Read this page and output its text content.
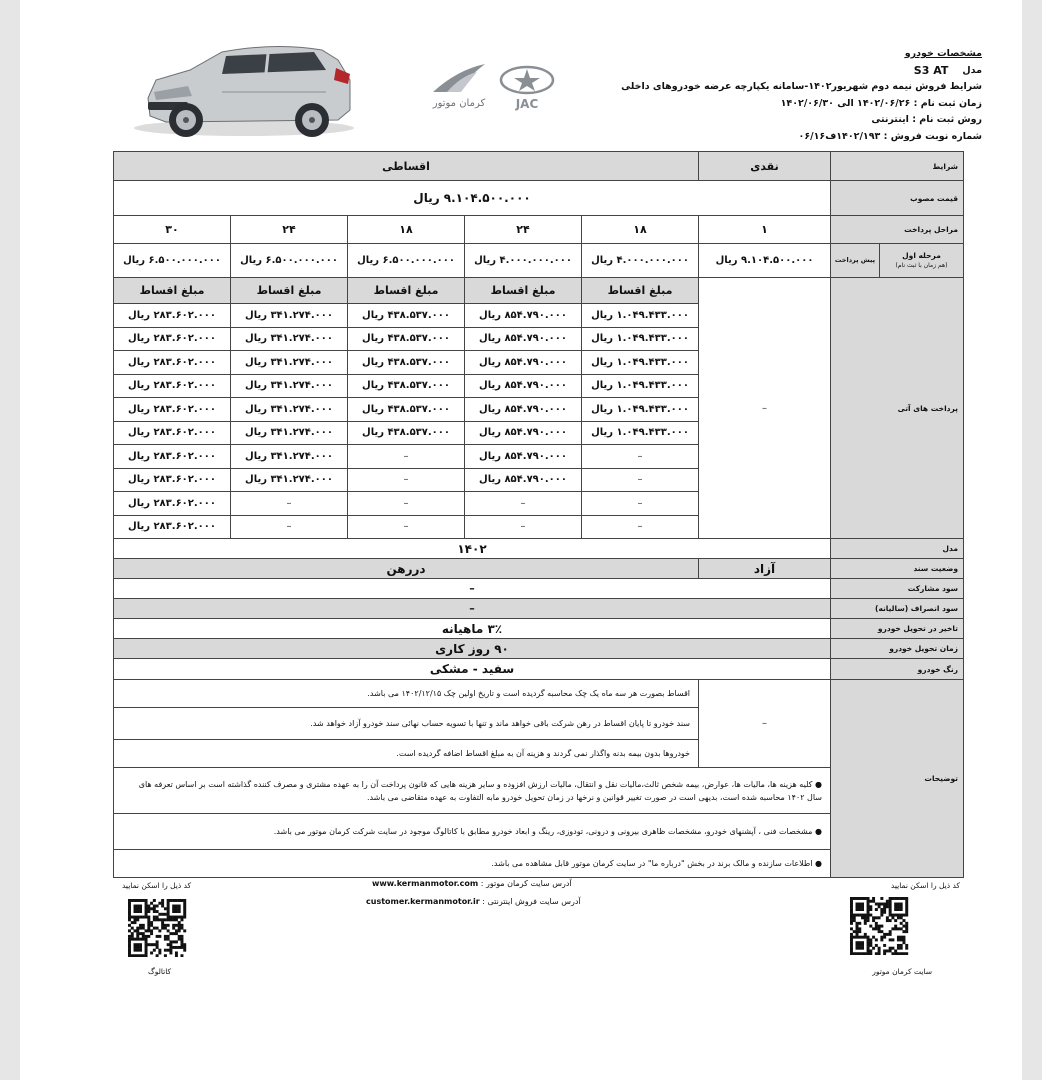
کرمان موتور	JAC
مشخصات خودرو
مدل
S3 AT
شرایط فروش نیمه دوم شهریور۱۴۰۲-سامانه یکپارچه عرضه خودروهای داخلی
زمان ثبت نام : ۱۴۰۲/۰۶/۲۶ الی ۱۴۰۲/۰۶/۳۰
روش ثبت نام : اینترنتی
شماره نوبت فروش : ۱۴۰۲/۱۹۳ف۰۶/۱۶
شرایط		نقدی	اقساطی				
قیمت مصوب		۹.۱۰۴.۵۰۰.۰۰۰ ریال					
مراحل پرداخت		۱	۱۸	۲۴	۱۸	۲۴	۳۰

مرحله اول
(هم زمان با ثبت نام)	پیش پرداخت	۹.۱۰۴.۵۰۰.۰۰۰ ریال	۴.۰۰۰.۰۰۰.۰۰۰ ریال	۴.۰۰۰.۰۰۰.۰۰۰ ریال	۶.۵۰۰.۰۰۰.۰۰۰ ریال	۶.۵۰۰.۰۰۰.۰۰۰ ریال	۶.۵۰۰.۰۰۰.۰۰۰ ریال
پرداخت های آتی		–	مبلغ اقساط	مبلغ اقساط	مبلغ اقساط	مبلغ اقساط	مبلغ اقساط
			۱.۰۴۹.۴۳۳.۰۰۰ ریال	۸۵۴.۷۹۰.۰۰۰ ریال	۴۳۸.۵۳۷.۰۰۰ ریال	۳۴۱.۲۷۴.۰۰۰ ریال	۲۸۳.۶۰۲.۰۰۰ ریال
			۱.۰۴۹.۴۳۳.۰۰۰ ریال	۸۵۴.۷۹۰.۰۰۰ ریال	۴۳۸.۵۳۷.۰۰۰ ریال	۳۴۱.۲۷۴.۰۰۰ ریال	۲۸۳.۶۰۲.۰۰۰ ریال
			۱.۰۴۹.۴۳۳.۰۰۰ ریال	۸۵۴.۷۹۰.۰۰۰ ریال	۴۳۸.۵۳۷.۰۰۰ ریال	۳۴۱.۲۷۴.۰۰۰ ریال	۲۸۳.۶۰۲.۰۰۰ ریال
			۱.۰۴۹.۴۳۳.۰۰۰ ریال	۸۵۴.۷۹۰.۰۰۰ ریال	۴۳۸.۵۳۷.۰۰۰ ریال	۳۴۱.۲۷۴.۰۰۰ ریال	۲۸۳.۶۰۲.۰۰۰ ریال
			۱.۰۴۹.۴۳۳.۰۰۰ ریال	۸۵۴.۷۹۰.۰۰۰ ریال	۴۳۸.۵۳۷.۰۰۰ ریال	۳۴۱.۲۷۴.۰۰۰ ریال	۲۸۳.۶۰۲.۰۰۰ ریال
			۱.۰۴۹.۴۳۳.۰۰۰ ریال	۸۵۴.۷۹۰.۰۰۰ ریال	۴۳۸.۵۳۷.۰۰۰ ریال	۳۴۱.۲۷۴.۰۰۰ ریال	۲۸۳.۶۰۲.۰۰۰ ریال
			–	۸۵۴.۷۹۰.۰۰۰ ریال	–	۳۴۱.۲۷۴.۰۰۰ ریال	۲۸۳.۶۰۲.۰۰۰ ریال
			–	۸۵۴.۷۹۰.۰۰۰ ریال	–	۳۴۱.۲۷۴.۰۰۰ ریال	۲۸۳.۶۰۲.۰۰۰ ریال
			–	–	–	–	۲۸۳.۶۰۲.۰۰۰ ریال
			–	–	–	–	۲۸۳.۶۰۲.۰۰۰ ریال
مدل		۱۴۰۲					
وضعیت سند		آزاد	دررهن				
سود مشارکت		–					
سود انصراف (سالیانه)		–					
تاخیر در تحویل خودرو		۳٪ ماهیانه					
زمان تحویل خودرو		۹۰ روز کاری					
رنگ خودرو		سفید - مشکی					
توضیحات		–	اقساط بصورت هر سه ماه یک چک محاسبه گردیده است و تاریخ اولین چک ۱۴۰۲/۱۲/۱۵ می باشد.				
			سند خودرو تا پایان اقساط در رهن شرکت باقی خواهد ماند و تنها با تسویه حساب نهائی سند خودرو آزاد خواهد شد.				
			خودروها بدون بیمه بدنه واگذار نمی گردند و هزینه آن به مبلغ اقساط اضافه گردیده است.				
		● کلیه هزینه ها، مالیات ها، عوارض، بیمه شخص ثالث،مالیات نقل و انتقال، مالیات ارزش افزوده و سایر هزینه هایی که قانون پرداخت آن را به عهده مشتری و مصرف کننده گذاشته است بر اساس تعرفه های سال ۱۴۰۲ محاسبه شده است، بدیهی است در صورت تغییر قوانین و نرخها در زمان تحویل خودرو مابه التفاوت به عهده متقاضی می باشد.					
		● مشخصات فنی ، آپشنهای خودرو، مشخصات ظاهری بیرونی و درونی، تودوزی، رینگ و ابعاد خودرو مطابق با کاتالوگ موجود در سایت شرکت کرمان موتور می باشد.					
		● اطلاعات سازنده و مالک برند در بخش "درباره ما" در سایت کرمان موتور قابل مشاهده می باشد.					
کد ذیل را اسکن نمایید
کد ذیل را اسکن نمایید	آدرس سایت کرمان موتور : www.kermanmotor.com
آدرس سایت فروش اینترنتی : customer.kermanmotor.ir
سایت کرمان موتور
کاتالوگ
